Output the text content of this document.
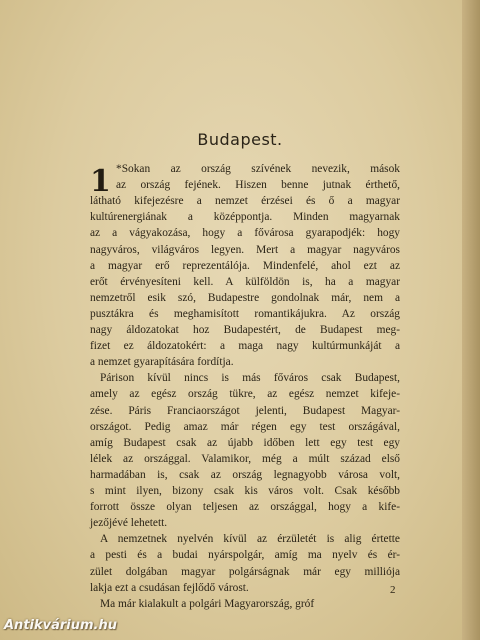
Budapest.
1 *Sokan az ország szívének nevezik, mások
az ország fejének. Hiszen benne jutnak érthető,
látható kifejezésre a nemzet érzései és ő a magyar
kultúrenergiának a középpontja. Minden magyarnak
az a vágyakozása, hogy a fővárosa gyarapodjék: hogy
nagyváros, világváros legyen. Mert a magyar nagyváros
a magyar erő reprezentálója. Mindenfelé, ahol ezt az
erőt érvényesíteni kell. A külföldön is, ha a magyar
nemzetről esik szó, Budapestre gondolnak már, nem a
pusztákra és meghamisított romantikájukra. Az ország
nagy áldozatokat hoz Budapestért, de Budapest meg-
fizet ez áldozatokért: a maga nagy kultúrmunkáját a
a nemzet gyarapítására fordítja.
Párison kívül nincs is más főváros csak Budapest,
amely az egész ország tükre, az egész nemzet kifeje-
zése. Páris Franciaországot jelenti, Budapest Magyar-
országot. Pedig amaz már régen egy test országával,
amíg Budapest csak az újabb időben lett egy test egy
lélek az országgal. Valamikor, még a múlt század első
harmadában is, csak az ország legnagyobb városa volt,
s mint ilyen, bizony csak kis város volt. Csak később
forrott össze olyan teljesen az országgal, hogy a kife-
jezőjévé lehetett.
A nemzetnek nyelvén kívül az érzületét is alig értette
a pesti és a budai nyárspolgár, amíg ma nyelv és ér-
zület dolgában magyar polgárságnak már egy milliója
lakja ezt a csudásan fejlődő várost.
Ma már kialakult a polgári Magyarország, gróf
2
Antikvárium.hu
